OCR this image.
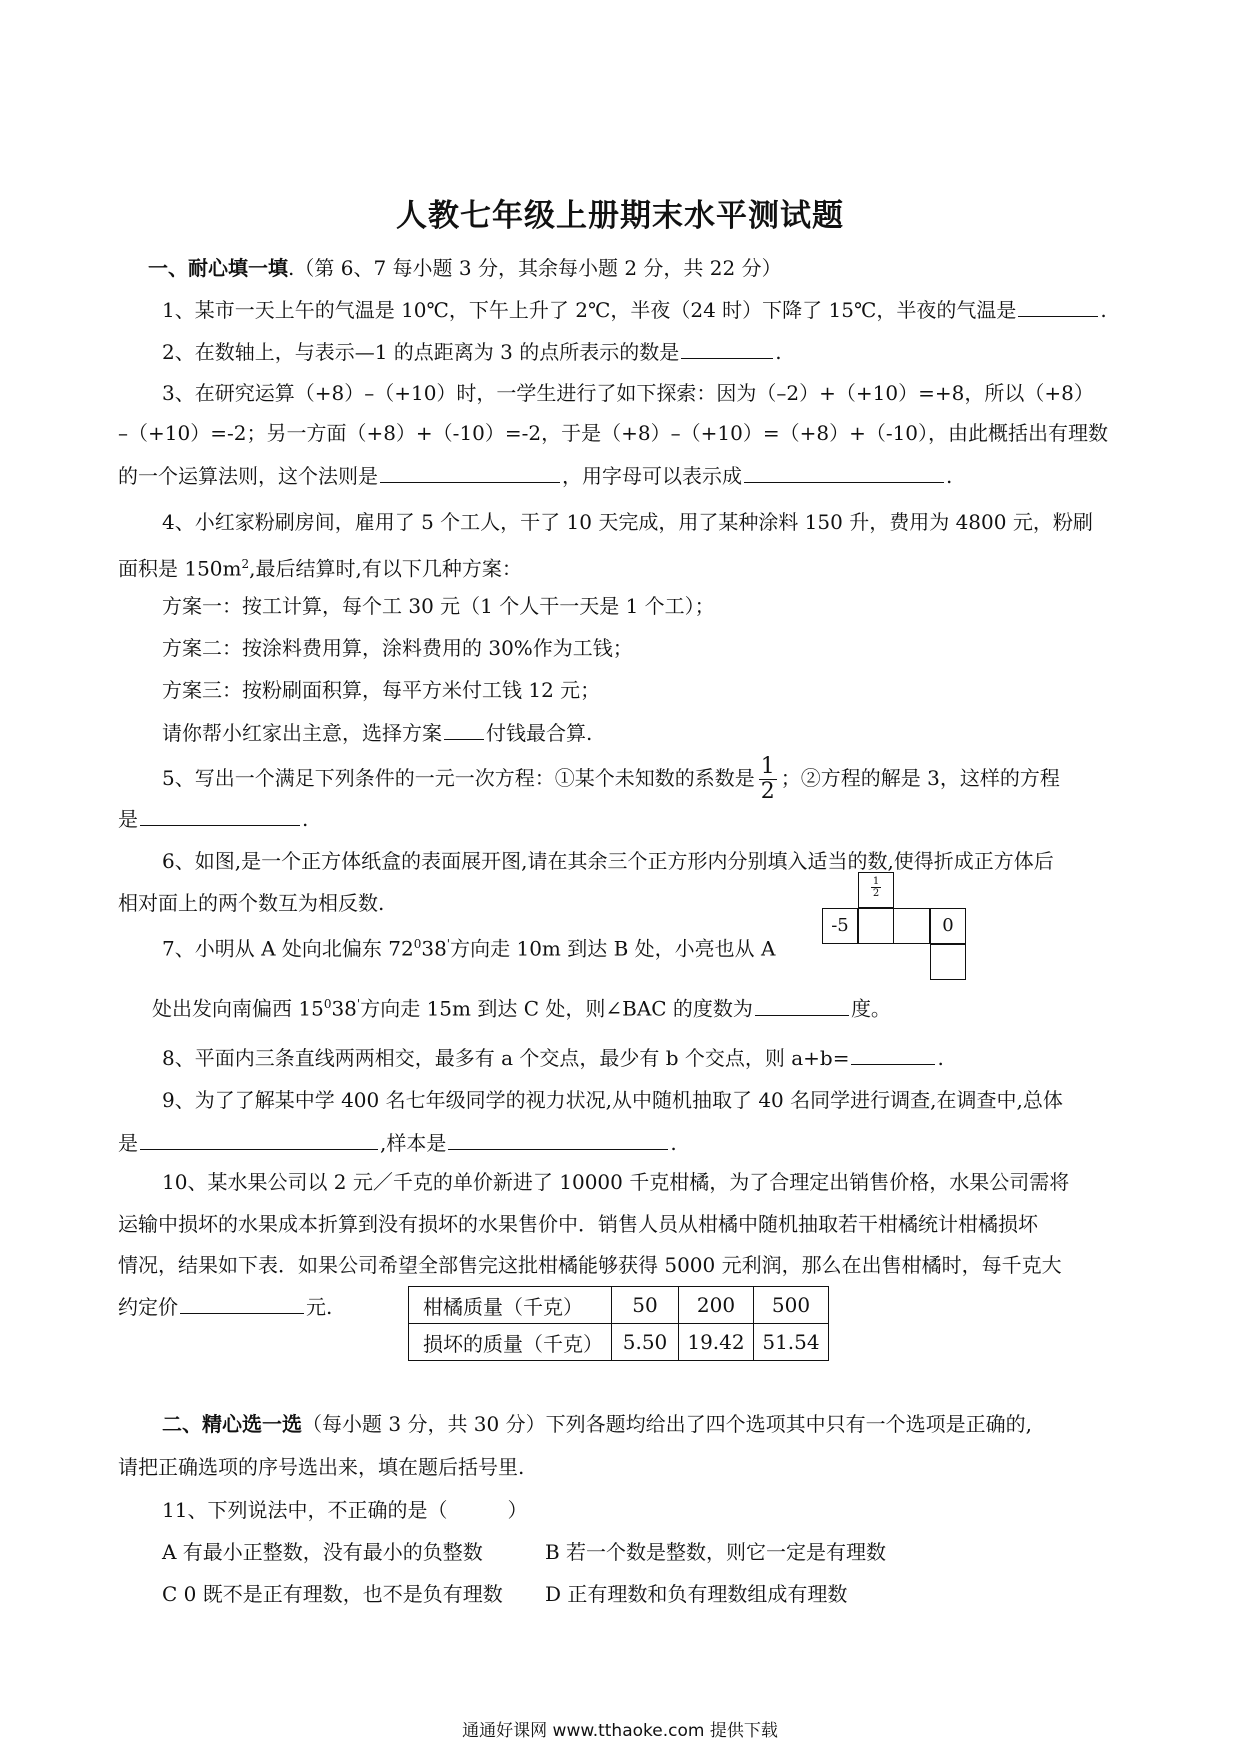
人教七年级上册期末水平测试题
一、耐心填一填.（第 6、7 每小题 3 分，其余每小题 2 分，共 22 分）
1、某市一天上午的气温是 10℃，下午上升了 2℃，半夜（24 时）下降了 15℃，半夜的气温是	.
2、在数轴上，与表示—1 的点距离为 3 的点所表示的数是	.
3、在研究运算（+8）–（+10）时，一学生进行了如下探索：因为（–2）+（+10）=+8，所以（+8）
–（+10）=-2；另一方面（+8）+（-10）=-2，于是（+8）–（+10）=（+8）+（-10），由此概括出有理数
的一个运算法则，这个法则是	，用字母可以表示成	.
4、小红家粉刷房间，雇用了 5 个工人，干了 10 天完成，用了某种涂料 150 升，费用为 4800 元，粉刷
面积是 $150m^2$,最后结算时,有以下几种方案：
方案一：按工计算，每个工 30 元（1 个人干一天是 1 个工）；
方案二：按涂料费用算，涂料费用的 30%作为工钱；
方案三：按粉刷面积算，每平方米付工钱 12 元；
请你帮小红家出主意，选择方案 付钱最合算.
5、写出一个满足下列条件的一元一次方程：①某个未知数的系数是 $\frac{1}{2}$ ；②方程的解是 3，这样的方程
是	.
6、如图,是一个正方体纸盒的表面展开图,请在其余三个正方形内分别填入适当的数,使得折成正方体后
相对面上的两个数互为相反数.	$\frac{1}{2}$
-5	0
7、小明从 A 处向北偏东 $72^038'$方向走 10m 到达 B 处，小亮也从 A
处出发向南偏西 $15^038'$方向走 15m 到达 C 处，则∠BAC 的度数为	度。
8、平面内三条直线两两相交，最多有 a 个交点，最少有 b 个交点，则 a+b=	.
9、为了了解某中学 400 名七年级同学的视力状况,从中随机抽取了 40 名同学进行调查,在调查中,总体
是	,样本是	.
10、某水果公司以 2 元／千克的单价新进了 10000 千克柑橘，为了合理定出销售价格，水果公司需将
运输中损坏的水果成本折算到没有损坏的水果售价中．销售人员从柑橘中随机抽取若干柑橘统计柑橘损坏
情况，结果如下表．如果公司希望全部售完这批柑橘能够获得 5000 元利润，那么在出售柑橘时，每千克大
约定价	元.	柑橘质量（千克）	50	200	500
损坏的质量（千克）	5.50	19.42	51.54
二、精心选一选（每小题 3 分，共 30 分）下列各题均给出了四个选项其中只有一个选项是正确的,
请把正确选项的序号选出来，填在题后括号里.
11、下列说法中，不正确的是（　　　）
A 有最小正整数，没有最小的负整数	B 若一个数是整数，则它一定是有理数
C 0 既不是正有理数，也不是负有理数 D 正有理数和负有理数组成有理数
通通好课网 www.tthaoke.com 提供下载
